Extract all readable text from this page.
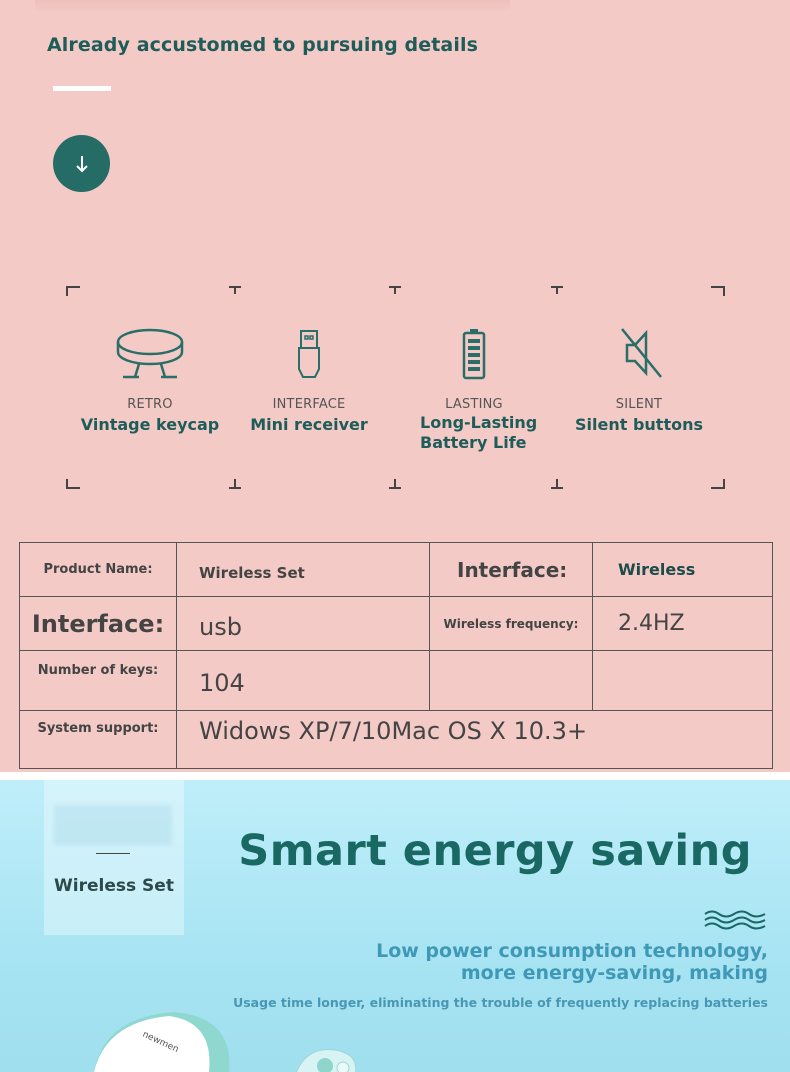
Already accustomed to pursuing details
RETRO
Vintage keycap
INTERFACE
Mini receiver
LASTING
Long-Lasting Battery Life
SILENT
Silent buttons
Product Name:	Wireless Set	Interface:	Wireless
Interface:	usb	Wireless frequency:	2.4HZ
Number of keys:	104		
System support:	Widows XP/7/10Mac OS X 10.3+		
Wireless Set
Smart energy saving
Low power consumption technology,
more energy-saving, making
Usage time longer, eliminating the trouble of frequently replacing batteries
newmen
